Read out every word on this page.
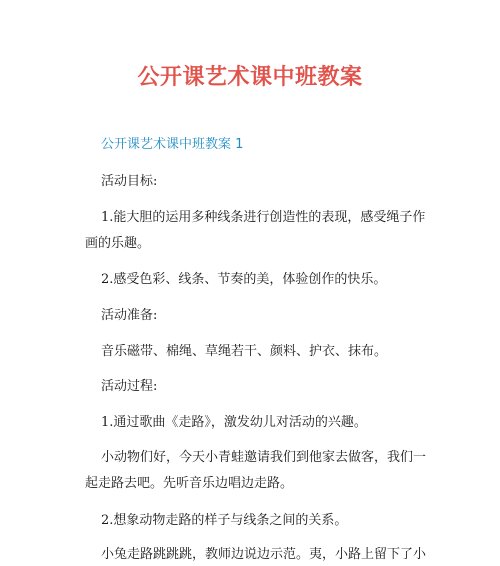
公开课艺术课中班教案
公开课艺术课中班教案 1
活动目标:
1.能大胆的运用多种线条进行创造性的表现，感受绳子作
画的乐趣。
2.感受色彩、线条、节奏的美，体验创作的快乐。
活动准备:
音乐磁带、棉绳、草绳若干、颜料、护衣、抹布。
活动过程:
1.通过歌曲《走路》，激发幼儿对活动的兴趣。
小动物们好，今天小青蛙邀请我们到他家去做客，我们一
起走路去吧。先听音乐边唱边走路。
2.想象动物走路的样子与线条之间的关系。
小兔走路跳跳跳，教师边说边示范。夷，小路上留下了小
